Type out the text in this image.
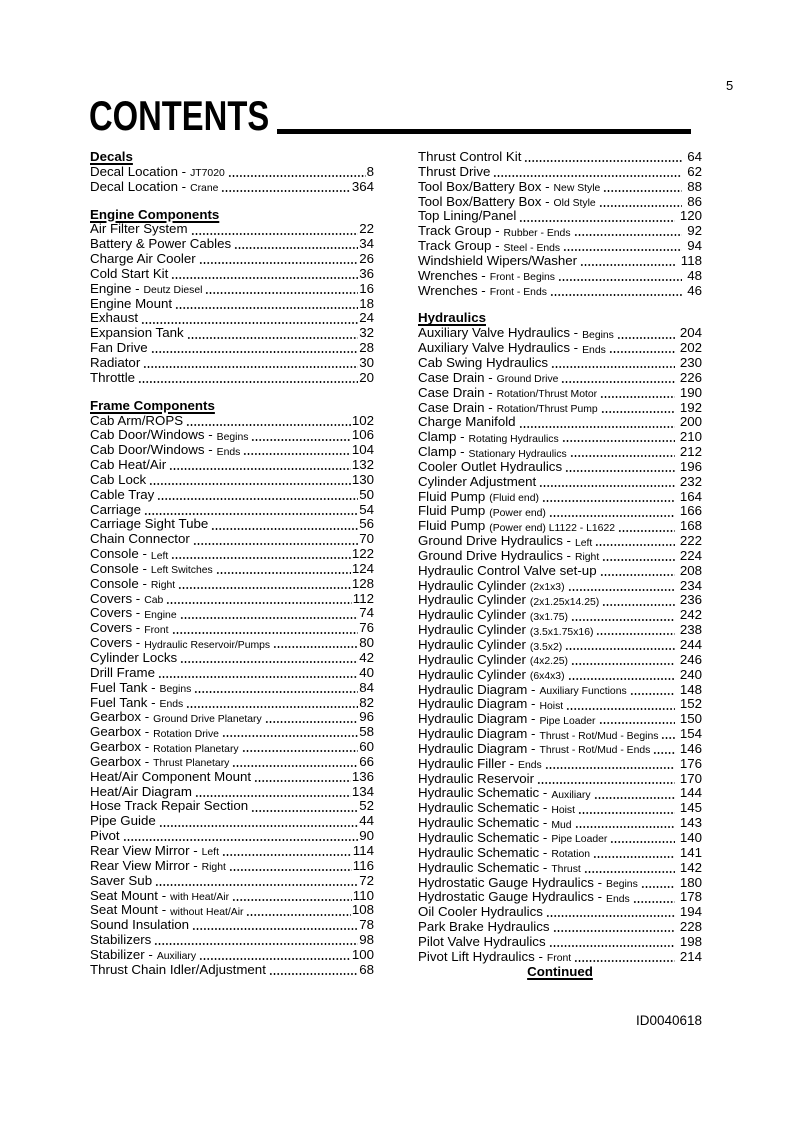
5
CONTENTS
Decals
Decal Location - JT7020	8
Decal Location - Crane	364
Engine Components
Air Filter System	22
Battery & Power Cables	34
Charge Air Cooler	26
Cold Start Kit	36
Engine - Deutz Diesel	16
Engine Mount	18
Exhaust	24
Expansion Tank	32
Fan Drive	28
Radiator	30
Throttle	20
Frame Components
Cab Arm/ROPS	102
Cab Door/Windows - Begins	106
Cab Door/Windows - Ends	104
Cab Heat/Air	132
Cab Lock	130
Cable Tray	50
Carriage	54
Carriage Sight Tube	56
Chain Connector	70
Console - Left	122
Console - Left Switches	124
Console - Right	128
Covers - Cab	112
Covers - Engine	74
Covers - Front	76
Covers - Hydraulic Reservoir/Pumps	80
Cylinder Locks	42
Drill Frame	40
Fuel Tank - Begins	84
Fuel Tank - Ends	82
Gearbox - Ground Drive Planetary	96
Gearbox - Rotation Drive	58
Gearbox - Rotation Planetary	60
Gearbox - Thrust Planetary	66
Heat/Air Component Mount	136
Heat/Air Diagram	134
Hose Track Repair Section	52
Pipe Guide	44
Pivot	90
Rear View Mirror - Left	114
Rear View Mirror - Right	116
Saver Sub	72
Seat Mount - with Heat/Air	110
Seat Mount - without Heat/Air	108
Sound Insulation	78
Stabilizers	98
Stabilizer - Auxiliary	100
Thrust Chain Idler/Adjustment	68
Thrust Control Kit	64
Thrust Drive	62
Tool Box/Battery Box - New Style	88
Tool Box/Battery Box - Old Style	86
Top Lining/Panel	120
Track Group - Rubber - Ends	92
Track Group - Steel - Ends	94
Windshield Wipers/Washer	118
Wrenches - Front - Begins	48
Wrenches - Front - Ends	46
Hydraulics
Auxiliary Valve Hydraulics - Begins	204
Auxiliary Valve Hydraulics - Ends	202
Cab Swing Hydraulics	230
Case Drain - Ground Drive	226
Case Drain - Rotation/Thrust Motor	190
Case Drain - Rotation/Thrust Pump	192
Charge Manifold	200
Clamp - Rotating Hydraulics	210
Clamp - Stationary Hydraulics	212
Cooler Outlet Hydraulics	196
Cylinder Adjustment	232
Fluid Pump (Fluid end)	164
Fluid Pump (Power end)	166
Fluid Pump (Power end) L1122 - L1622	168
Ground Drive Hydraulics - Left	222
Ground Drive Hydraulics - Right	224
Hydraulic Control Valve set-up	208
Hydraulic Cylinder (2x1x3)	234
Hydraulic Cylinder (2x1.25x14.25)	236
Hydraulic Cylinder (3x1.75)	242
Hydraulic Cylinder (3.5x1.75x16)	238
Hydraulic Cylinder (3.5x2)	244
Hydraulic Cylinder (4x2.25)	246
Hydraulic Cylinder (6x4x3)	240
Hydraulic Diagram - Auxiliary Functions	148
Hydraulic Diagram - Hoist	152
Hydraulic Diagram - Pipe Loader	150
Hydraulic Diagram - Thrust - Rot/Mud - Begins 154
Hydraulic Diagram - Thrust - Rot/Mud - Ends 146
Hydraulic Filler - Ends	176
Hydraulic Reservoir	170
Hydraulic Schematic - Auxiliary	144
Hydraulic Schematic - Hoist	145
Hydraulic Schematic - Mud	143
Hydraulic Schematic - Pipe Loader	140
Hydraulic Schematic - Rotation	141
Hydraulic Schematic - Thrust	142
Hydrostatic Gauge Hydraulics - Begins	180
Hydrostatic Gauge Hydraulics - Ends	178
Oil Cooler Hydraulics	194
Park Brake Hydraulics	228
Pilot Valve Hydraulics	198
Pivot Lift Hydraulics - Front	214
Continued
ID0040618
